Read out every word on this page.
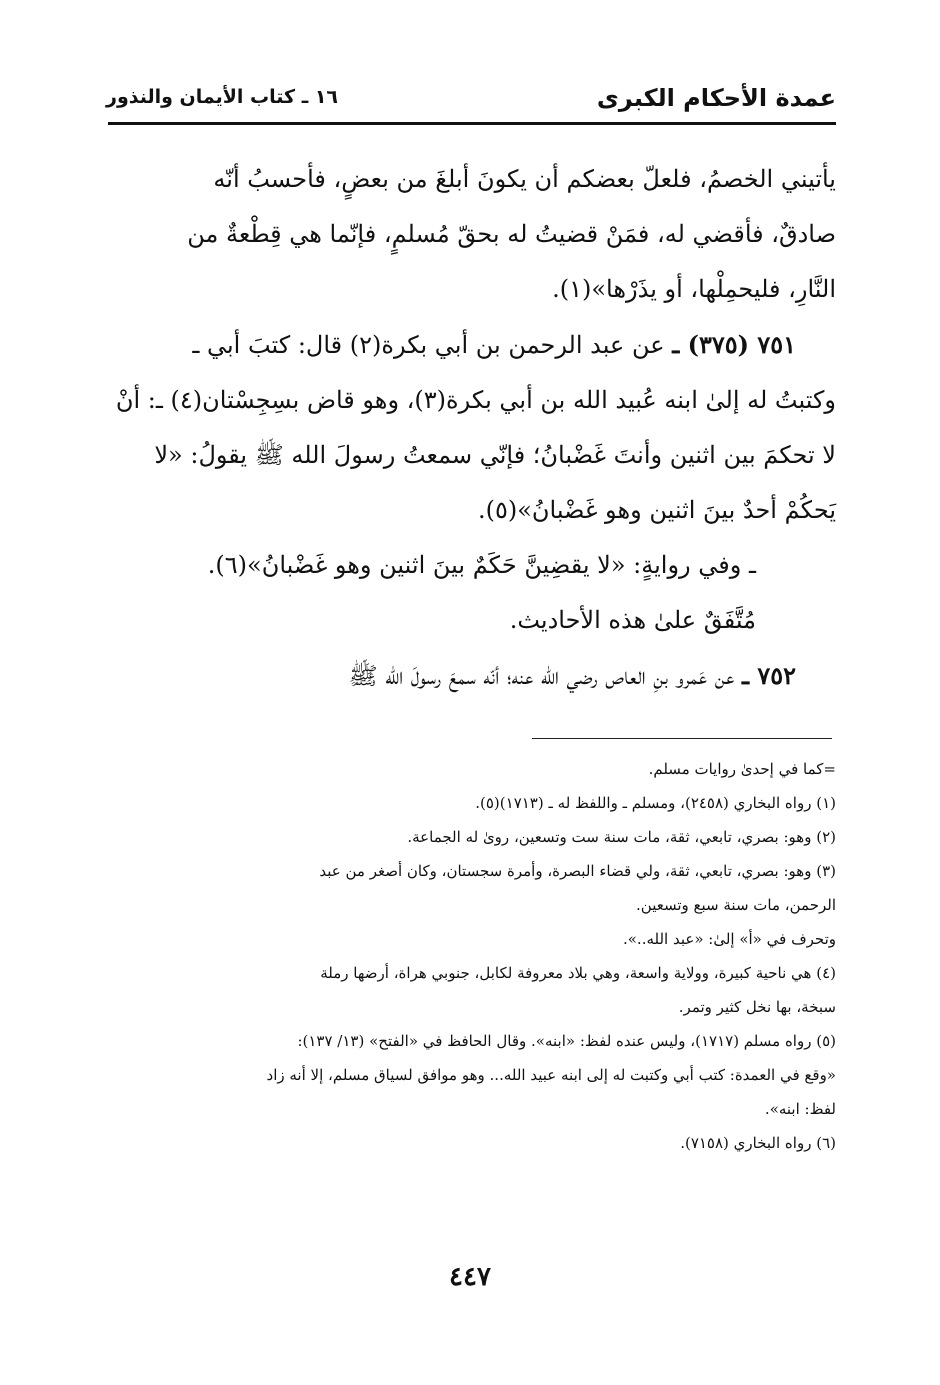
عمدة الأحكام الكبرى
١٦ ـ كتاب الأيمان والنذور

يأتيني الخصمُ، فلعلّ بعضكم أن يكونَ أبلغَ من بعضٍ، فأحسبُ أنّه

صادقٌ، فأقضي له، فمَنْ قضيتُ له بحقّ مُسلمٍ، فإنّما هي قِطْعةٌ من

النَّارِ، فليحمِلْها، أو يذَرْها»(١).

٧٥١ (٣٧٥) ـ عن عبد الرحمن بن أبي بكرة(٢) قال: كتبَ أبي ـ

وكتبتُ له إلىٰ ابنه عُبيد الله بن أبي بكرة(٣)، وهو قاض بسِجِسْتان(٤) ـ: أنْ

لا تحكمَ بين اثنين وأنتَ غَضْبانُ؛ فإنّي سمعتُ رسولَ الله ﷺ يقولُ: «لا

يَحكُمْ أحدٌ بينَ اثنين وهو غَضْبانُ»(٥).

ـ وفي روايةٍ: «لا يقضِينَّ حَكَمٌ بينَ اثنين وهو غَضْبانُ»(٦).

مُتَّفَقٌ علىٰ هذه الأحاديث.

٧٥٢ ـ عن عَمرو بنِ العاص رضي الله عنه؛ أنّه سمعَ رسولَ الله ﷺ

=كما في إحدىٰ روايات مسلم.

(١) رواه البخاري (٢٤٥٨)، ومسلم ـ واللفظ له ـ (١٧١٣)(٥).

(٢) وهو: بصري، تابعي، ثقة، مات سنة ست وتسعين، روىٰ له الجماعة.

(٣) وهو: بصري، تابعي، ثقة، ولي قضاء البصرة، وأمرة سجستان، وكان أصغر من عبد

الرحمن، مات سنة سبع وتسعين.

وتحرف في «أ» إلىٰ: «عبد الله..».

(٤) هي ناحية كبيرة، وولاية واسعة، وهي بلاد معروفة لكابل، جنوبي هراة، أرضها رملة

سبخة، بها نخل كثير وتمر.

(٥) رواه مسلم (١٧١٧)، وليس عنده لفظ: «ابنه». وقال الحافظ في «الفتح» (١٣/ ١٣٧):

«وقع في العمدة: كتب أبي وكتبت له إلى ابنه عبيد الله... وهو موافق لسياق مسلم، إلا أنه زاد

لفظ: ابنه».

(٦) رواه البخاري (٧١٥٨).

٤٤٧
